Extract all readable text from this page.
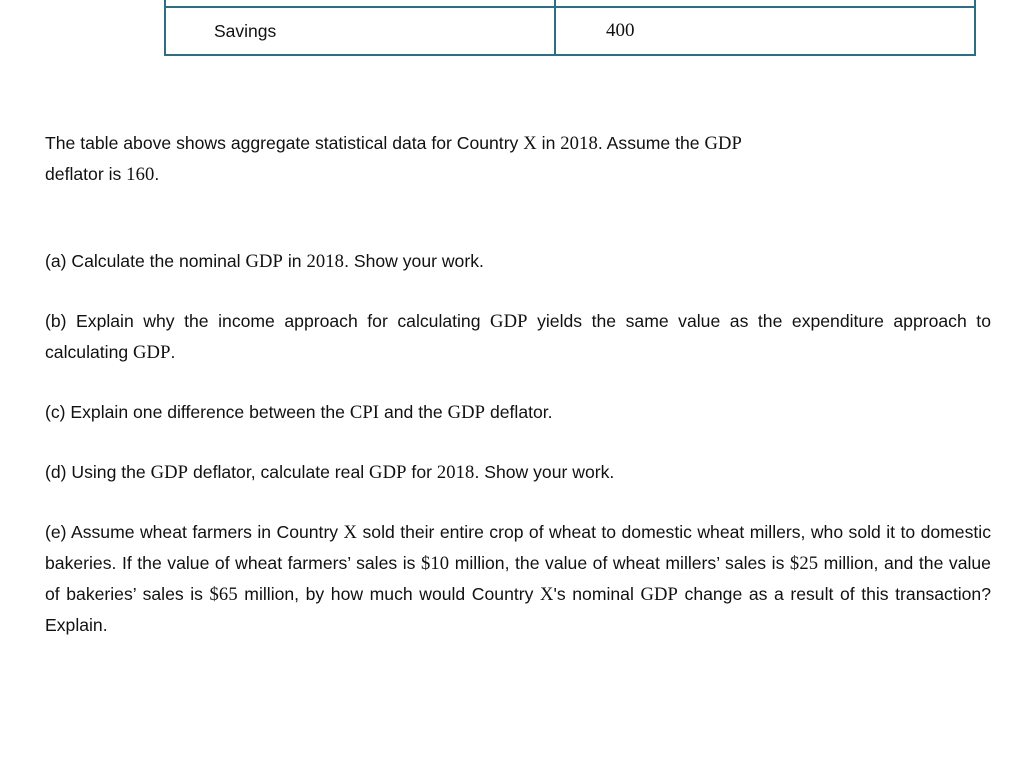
Savings	400

The table above shows aggregate statistical data for Country X in 2018. Assume the GDP
deflator is 160.

(a) Calculate the nominal GDP in 2018. Show your work.

(b) Explain why the income approach for calculating GDP yields the same value as the expenditure approach to calculating GDP.

(c) Explain one difference between the CPI and the GDP deflator.

(d) Using the GDP deflator, calculate real GDP for 2018. Show your work.

(e) Assume wheat farmers in Country X sold their entire crop of wheat to domestic wheat millers, who sold it to domestic bakeries. If the value of wheat farmers’ sales is $10 million, the value of wheat millers’ sales is $25 million, and the value of bakeries’ sales is $65 million, by how much would Country X's nominal GDP change as a result of this transaction? Explain.
